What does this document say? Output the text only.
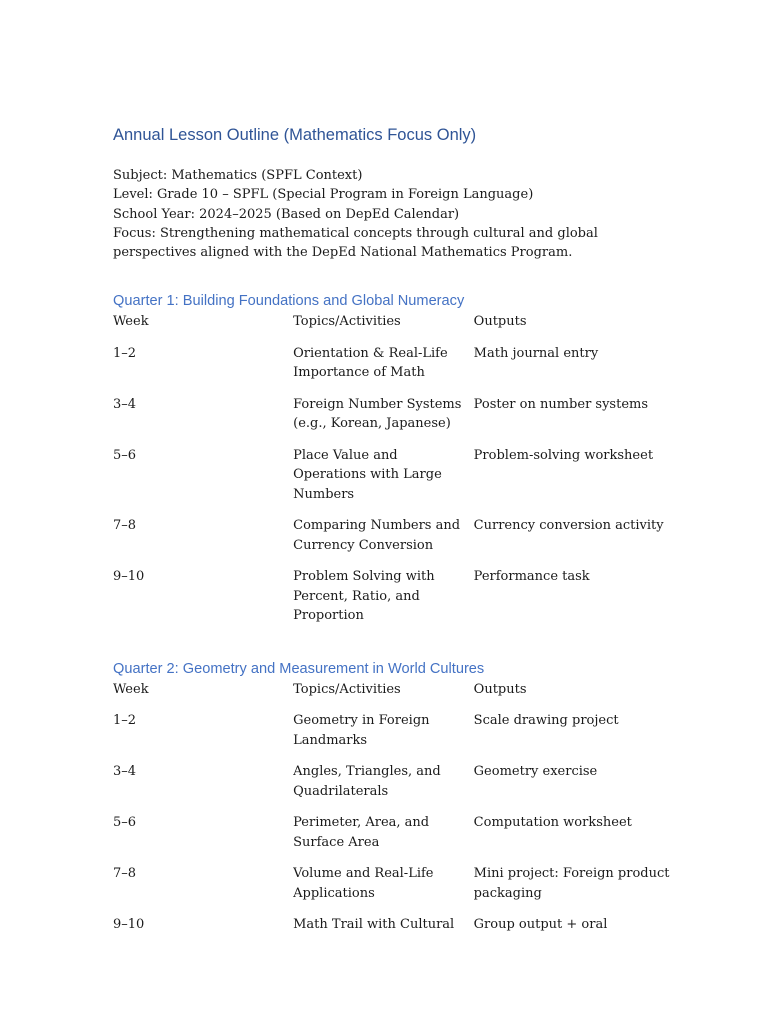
Annual Lesson Outline (Mathematics Focus Only)
Subject: Mathematics (SPFL Context)
Level: Grade 10 – SPFL (Special Program in Foreign Language)
School Year: 2024–2025 (Based on DepEd Calendar)
Focus: Strengthening mathematical concepts through cultural and global perspectives aligned with the DepEd National Mathematics Program.
Quarter 1: Building Foundations and Global Numeracy
Week	Topics/Activities	Outputs
1–2	Orientation & Real-Life Importance of Math	Math journal entry
3–4	Foreign Number Systems (e.g., Korean, Japanese)	Poster on number systems
5–6	Place Value and Operations with Large Numbers	Problem-solving worksheet
7–8	Comparing Numbers and Currency Conversion	Currency conversion activity
9–10	Problem Solving with Percent, Ratio, and Proportion	Performance task
Quarter 2: Geometry and Measurement in World Cultures
Week	Topics/Activities	Outputs
1–2	Geometry in Foreign Landmarks	Scale drawing project
3–4	Angles, Triangles, and Quadrilaterals	Geometry exercise
5–6	Perimeter, Area, and Surface Area	Computation worksheet
7–8	Volume and Real-Life Applications	Mini project: Foreign product packaging
9–10	Math Trail with Cultural	Group output + oral
